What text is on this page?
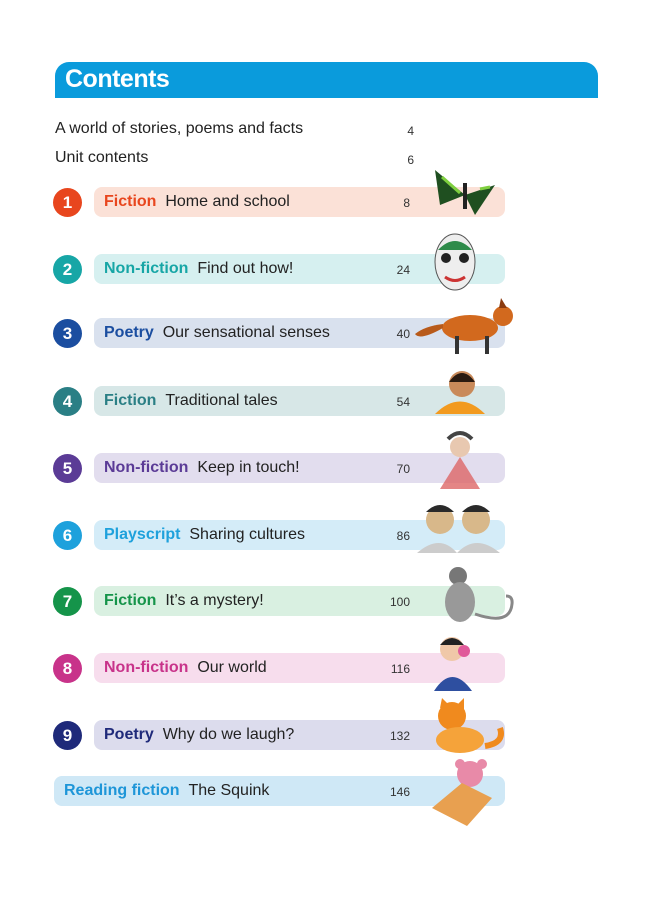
Contents
A world of stories, poems and facts	4
Unit contents	6
1	Fiction Home and school	8
2	Non-fiction Find out how!	24
3	Poetry Our sensational senses	40
4	Fiction Traditional tales	54
5	Non-fiction Keep in touch!	70
6	Playscript Sharing cultures	86
7	Fiction It’s a mystery!	100
8	Non-fiction Our world	116
9	Poetry Why do we laugh?	132
Reading fiction The Squink	146
